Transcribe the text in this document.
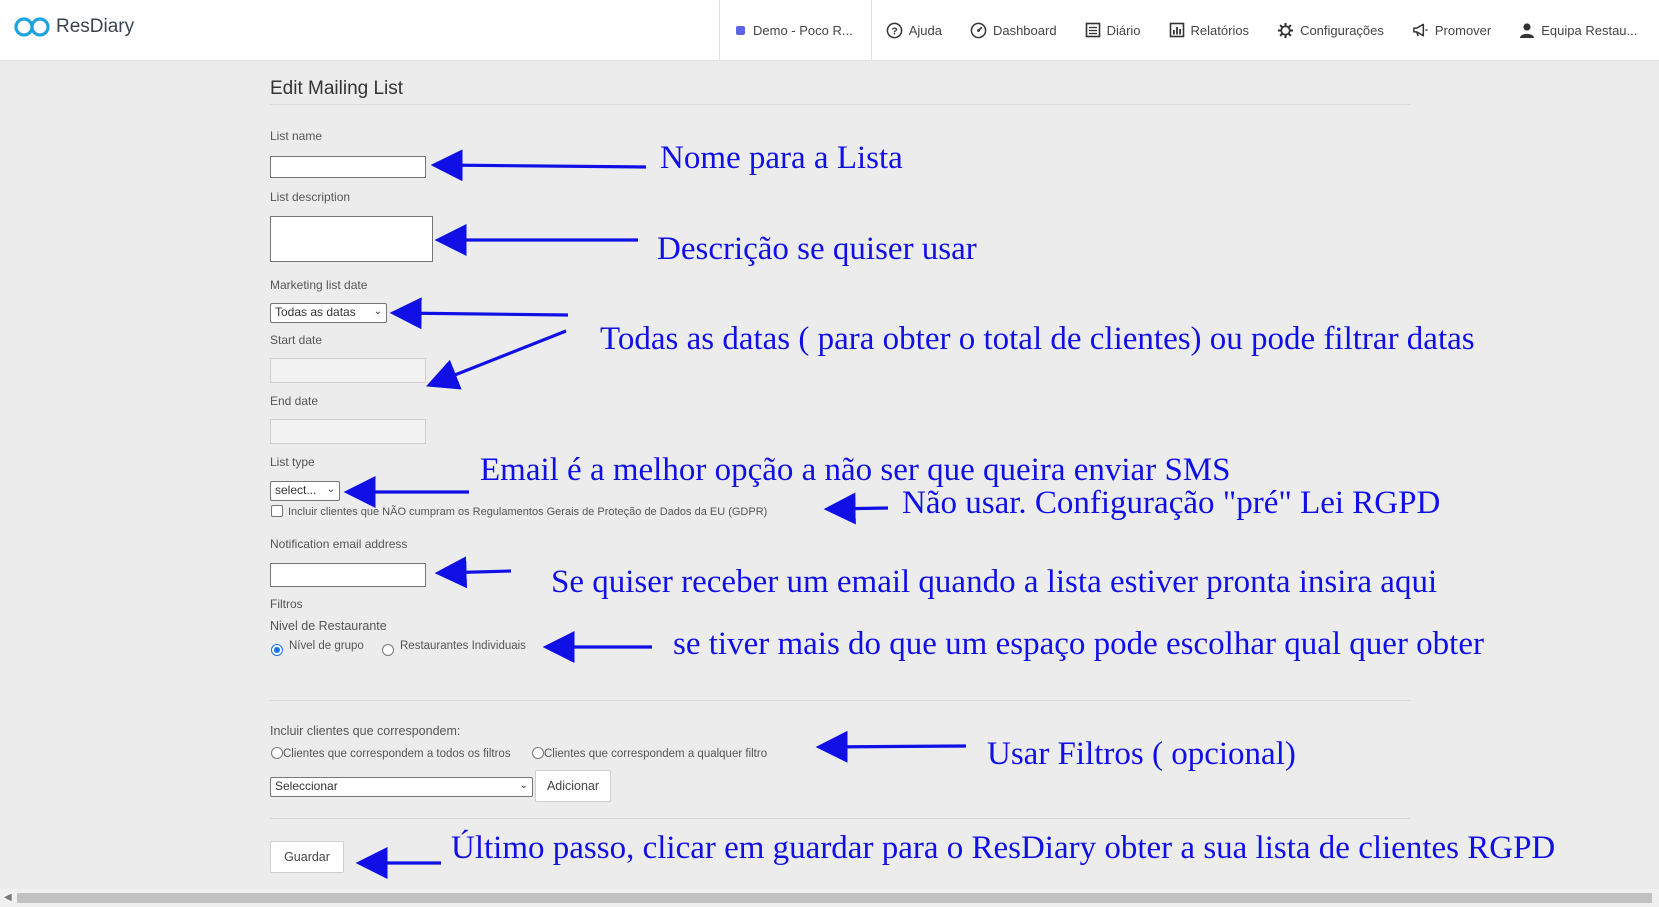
ResDiary	Demo - Poco R...	? Ajuda	Dashboard	Diário	Relatórios	Configurações	Promover	Equipa Restau...
Edit Mailing List
List name
List description
Marketing list date
Todas as datas ⌄
Start date
End date
List type
select... ⌄
Incluir clientes que NÃO cumpram os Regulamentos Gerais de Proteção de Dados da EU (GDPR)
Notification email address
Filtros
Nivel de Restaurante
Nível de grupo	Restaurantes Individuais
Incluir clientes que correspondem:
Clientes que correspondem a todos os filtros	Clientes que correspondem a qualquer filtro
Seleccionar	⌄	Adicionar
Guardar
Nome para a Lista
Descrição se quiser usar
Todas as datas ( para obter o total de clientes) ou pode filtrar datas
Email é a melhor opção a não ser que queira enviar SMS
Não usar. Configuração "pré" Lei RGPD
Se quiser receber um email quando a lista estiver pronta insira aqui
se tiver mais do que um espaço pode escolhar qual quer obter
Usar Filtros ( opcional)
Último passo, clicar em guardar para o ResDiary obter a sua lista de clientes RGPD
◀
